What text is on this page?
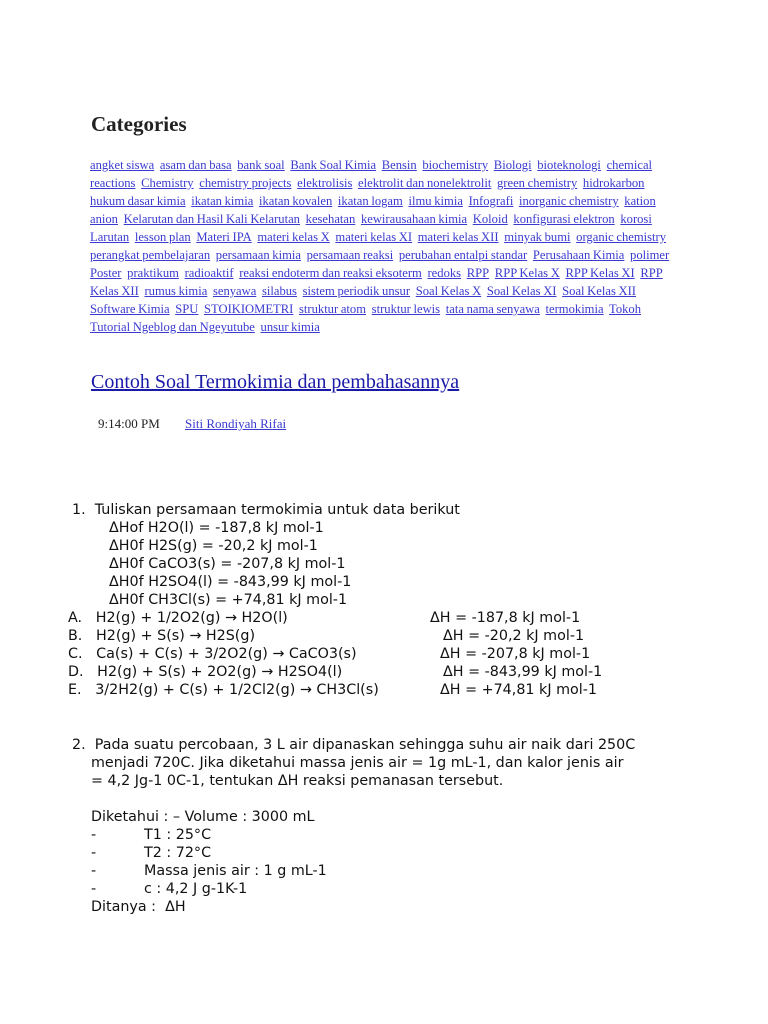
Categories
angket siswa asam dan basa bank soal Bank Soal Kimia Bensin biochemistry Biologi bioteknologi chemical reactions Chemistry chemistry projects elektrolisis elektrolit dan nonelektrolit green chemistry hidrokarbon hukum dasar kimia ikatan kimia ikatan kovalen ikatan logam ilmu kimia Infografi inorganic chemistry kation anion Kelarutan dan Hasil Kali Kelarutan kesehatan kewirausahaan kimia Koloid konfigurasi elektron korosi Larutan lesson plan Materi IPA materi kelas X materi kelas XI materi kelas XII minyak bumi organic chemistry perangkat pembelajaran persamaan kimia persamaan reaksi perubahan entalpi standar Perusahaan Kimia polimer Poster praktikum radioaktif reaksi endoterm dan reaksi eksoterm redoks RPP RPP Kelas X RPP Kelas XI RPP Kelas XII rumus kimia senyawa silabus sistem periodik unsur Soal Kelas X Soal Kelas XI Soal Kelas XII Software Kimia SPU STOIKIOMETRI struktur atom struktur lewis tata nama senyawa termokimia Tokoh Tutorial Ngeblog dan Ngeyutube unsur kimia
Contoh Soal Termokimia dan pembahasannya
9:14:00 PM Siti Rondiyah Rifai
1.  Tuliskan persamaan termokimia untuk data berikut
ΔHof H2O(l) = -187,8 kJ mol-1
ΔH0f H2S(g) = -20,2 kJ mol-1
ΔH0f CaCO3(s) = -207,8 kJ mol-1
ΔH0f H2SO4(l) = -843,99 kJ mol-1
ΔH0f CH3Cl(s) = +74,81 kJ mol-1
A.   H2(g) + 1/2O2(g) → H2O(l)	ΔH = -187,8 kJ mol-1
B.   H2(g) + S(s) → H2S(g)	ΔH = -20,2 kJ mol-1
C.   Ca(s) + C(s) + 3/2O2(g) → CaCO3(s)	ΔH = -207,8 kJ mol-1
D.   H2(g) + S(s) + 2O2(g) → H2SO4(l)	ΔH = -843,99 kJ mol-1
E.   3/2H2(g) + C(s) + 1/2Cl2(g) → CH3Cl(s)	ΔH = +74,81 kJ mol-1
2.  Pada suatu percobaan, 3 L air dipanaskan sehingga suhu air naik dari 250C
menjadi 720C. Jika diketahui massa jenis air = 1g mL-1, dan kalor jenis air
= 4,2 Jg-1 0C-1, tentukan ΔH reaksi pemanasan tersebut.
Diketahui : – Volume : 3000 mL
-	T1 : 25°C
-	T2 : 72°C
-	Massa jenis air : 1 g mL-1
-	c : 4,2 J g-1K-1
Ditanya :  ΔH
